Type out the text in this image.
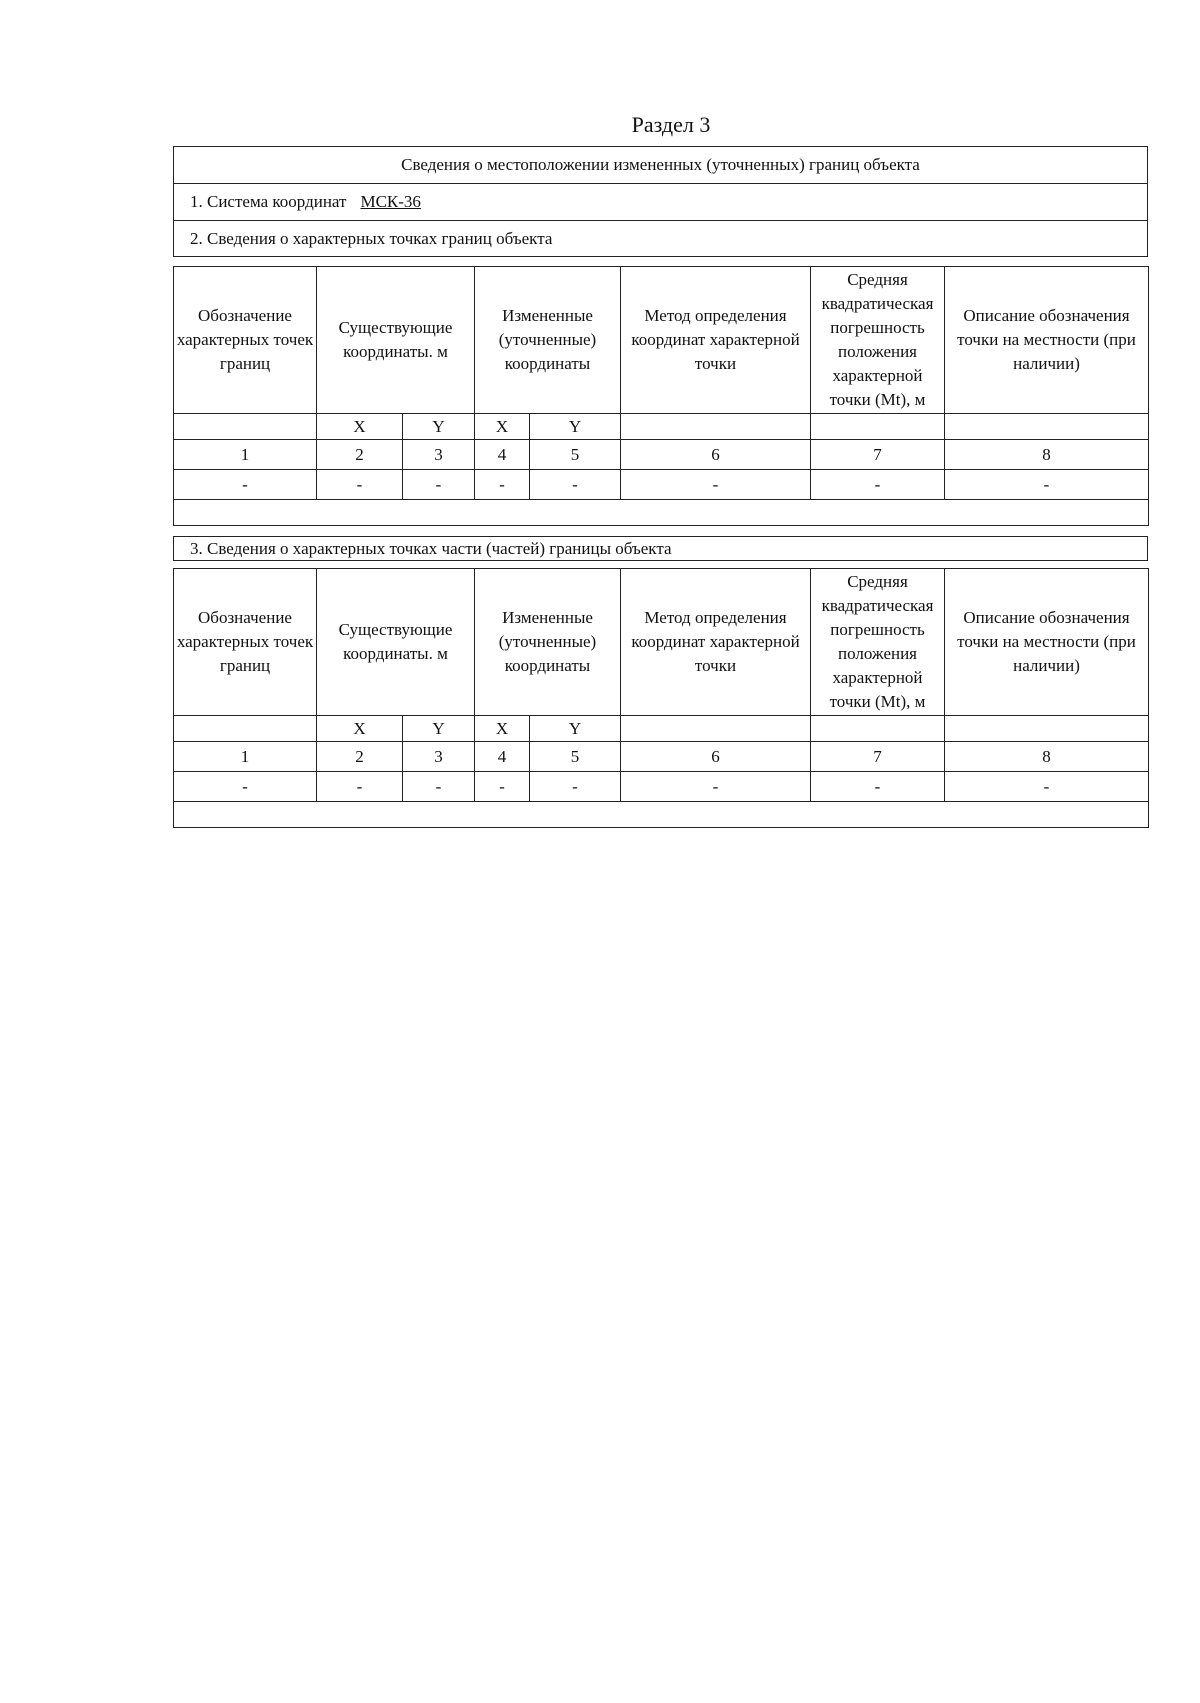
Раздел 3
Сведения о местоположении измененных (уточненных) границ объекта
1. Система координат МСК-36
2. Сведения о характерных точках границ объекта
Обозначение характерных точек границ	Существующие координаты. м		Измененные (уточненные) координаты		Метод определения координат характерной точки	Средняя квадратическая погрешность положения характерной точки (Mt), м	Описание обозначения точки на местности (при наличии)
	X	Y	X	Y			
1	2	3	4	5	6	7	8
-	-	-	-	-	-	-	-

3. Сведения о характерных точках части (частей) границы объекта
Обозначение характерных точек границ	Существующие координаты. м		Измененные (уточненные) координаты		Метод определения координат характерной точки	Средняя квадратическая погрешность положения характерной точки (Mt), м	Описание обозначения точки на местности (при наличии)
	X	Y	X	Y			
1	2	3	4	5	6	7	8
-	-	-	-	-	-	-	-
